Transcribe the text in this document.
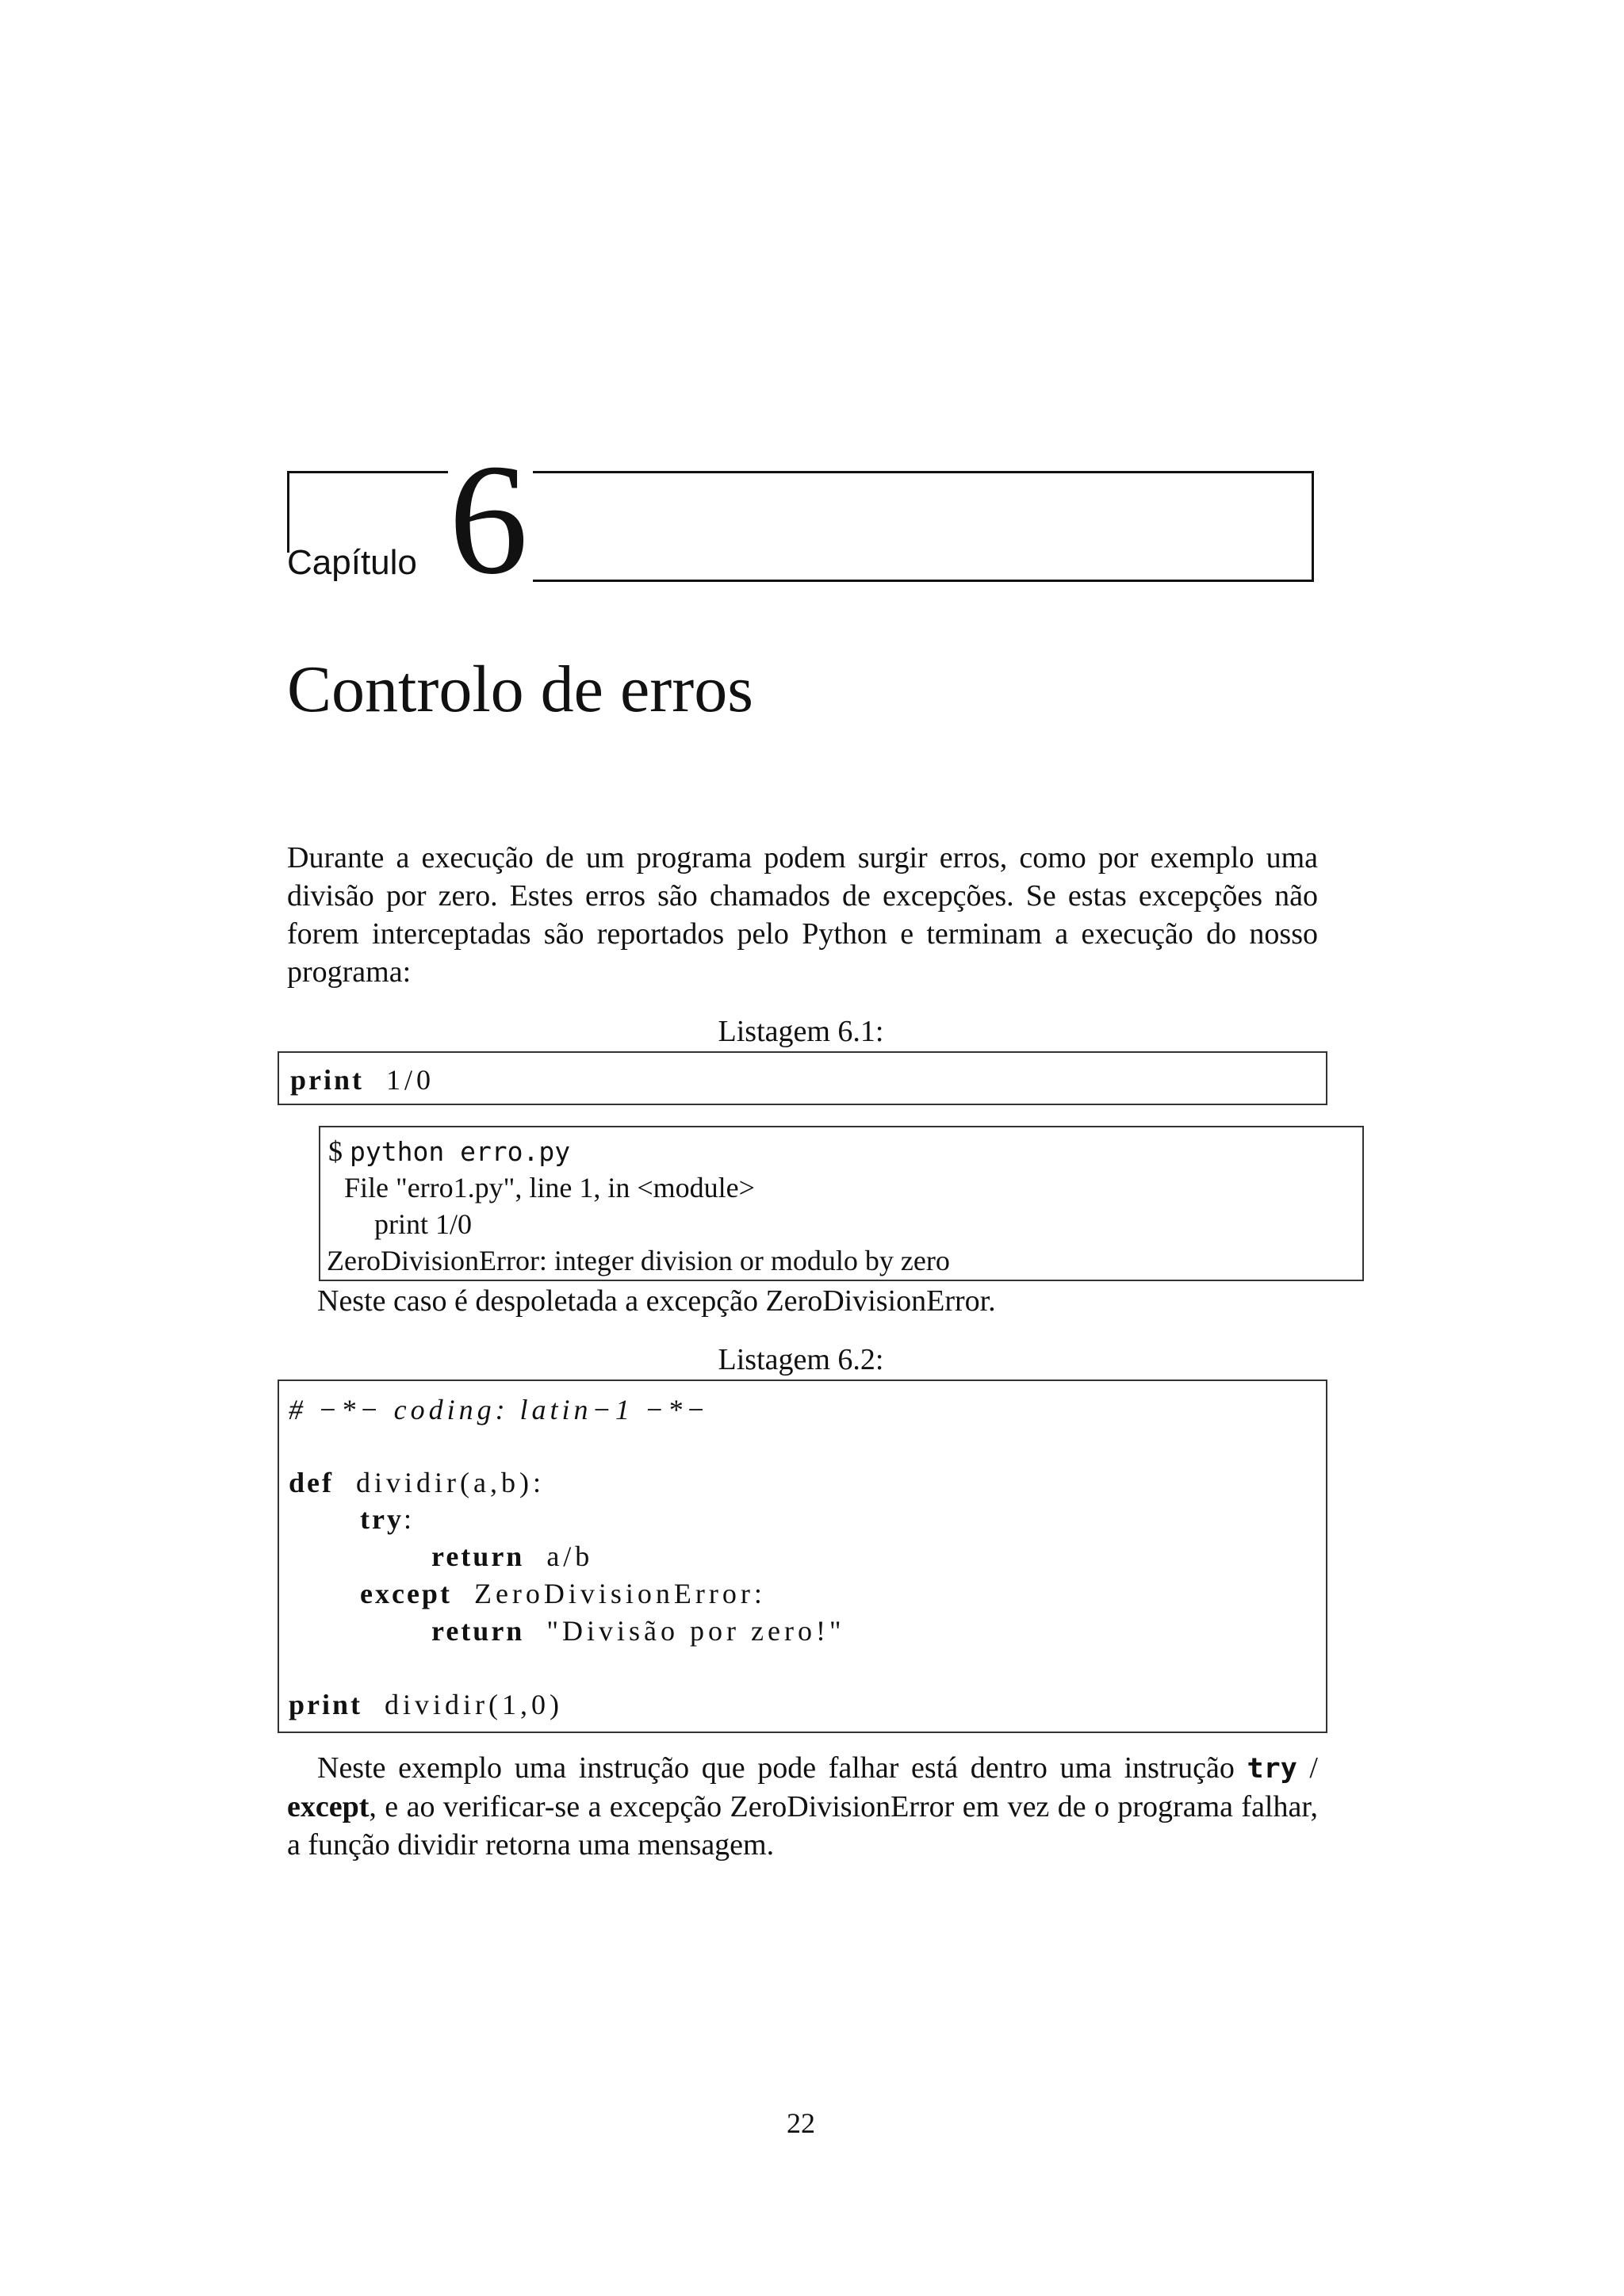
Capítulo 6
Controlo de erros

Durante a execução de um programa podem surgir erros, como por exemplo uma divisão por zero. Estes erros são chamados de excepções. Se estas excepções não forem interceptadas são reportados pelo Python e terminam a execução do nosso programa:

Listagem 6.1:
print 1/0
$ python erro.py
File "erro1.py", line 1, in <module>
print 1/0
ZeroDivisionError: integer division or modulo by zero
Neste caso é despoletada a excepção ZeroDivisionError.
Listagem 6.2:
# −*− coding: latin−1 −*−
def dividir(a,b):
try:
return a/b
except ZeroDivisionError:
return "Divisão por zero!"
print dividir(1,0)

Neste exemplo uma instrução que pode falhar está dentro uma instrução try / except, e ao verificar-se a excepção ZeroDivisionError em vez de o programa falhar, a função dividir retorna uma mensagem.

22
